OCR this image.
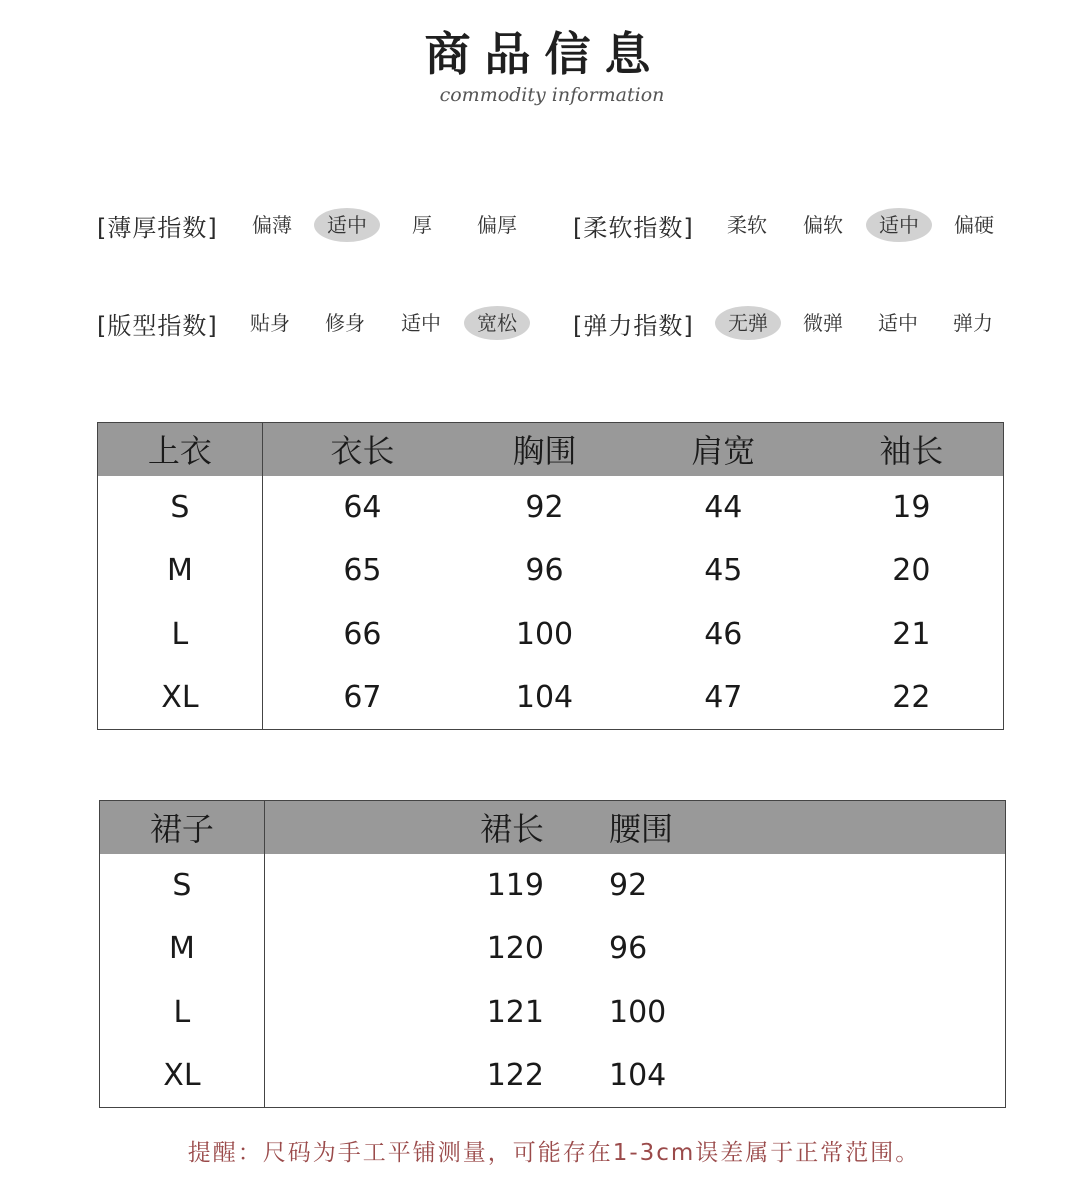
商品信息
commodity information
[薄厚指数]	偏薄	适中	厚	偏厚	[柔软指数]	柔软	偏软	适中	偏硬
[版型指数]	贴身	修身	适中	宽松	[弹力指数]	无弹	微弹	适中	弹力
上衣	衣长	胸围	肩宽	袖长
S	64	92	44	19
M	65	96	45	20
L	66	100	46	21
XL	67	104	47	22
裙子	裙长	腰围	
S	119	92	
M	120	96	
L	121	100	
XL	122	104	
提醒：尺码为手工平铺测量，可能存在1-3cm误差属于正常范围。
